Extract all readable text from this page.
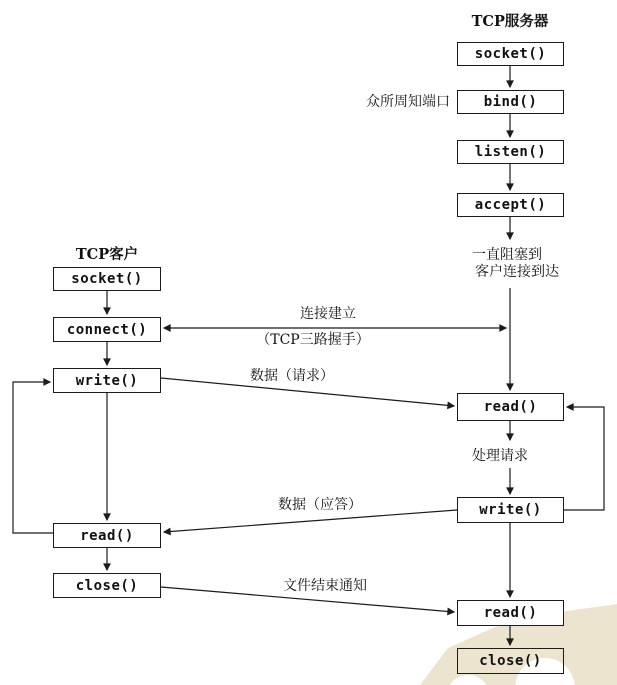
TCP服务器
TCP客户
socket()
bind()
listen()
accept()
read()
write()
read()
close()
socket()
connect()
write()
read()
close()
众所周知端口
一直阻塞到
客户连接到达
处理请求
连接建立
（TCP三路握手）
数据（请求）
数据（应答）
文件结束通知
